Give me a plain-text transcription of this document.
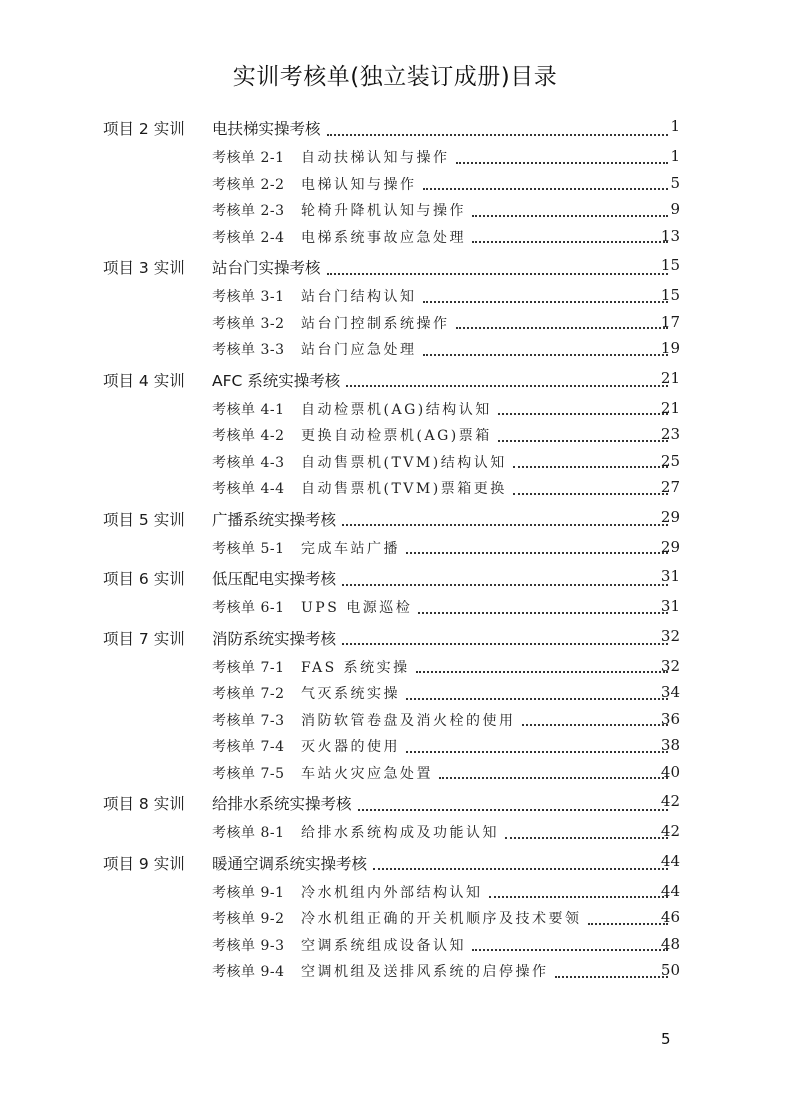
实训考核单(独立装订成册)目录
项目 2 实训	电扶梯实操考核	1
考核单 2-1	自动扶梯认知与操作	1
考核单 2-2	电梯认知与操作	5
考核单 2-3	轮椅升降机认知与操作	9
考核单 2-4	电梯系统事故应急处理	13
项目 3 实训	站台门实操考核	15
考核单 3-1	站台门结构认知	15
考核单 3-2	站台门控制系统操作	17
考核单 3-3	站台门应急处理	19
项目 4 实训	AFC 系统实操考核	21
考核单 4-1	自动检票机(AG)结构认知	21
考核单 4-2	更换自动检票机(AG)票箱	23
考核单 4-3	自动售票机(TVM)结构认知	25
考核单 4-4	自动售票机(TVM)票箱更换	27
项目 5 实训	广播系统实操考核	29
考核单 5-1	完成车站广播	29
项目 6 实训	低压配电实操考核	31
考核单 6-1	UPS 电源巡检	31
项目 7 实训	消防系统实操考核	32
考核单 7-1	FAS 系统实操	32
考核单 7-2	气灭系统实操	34
考核单 7-3	消防软管卷盘及消火栓的使用	36
考核单 7-4	灭火器的使用	38
考核单 7-5	车站火灾应急处置	40
项目 8 实训	给排水系统实操考核	42
考核单 8-1	给排水系统构成及功能认知	42
项目 9 实训	暖通空调系统实操考核	44
考核单 9-1	冷水机组内外部结构认知	44
考核单 9-2	冷水机组正确的开关机顺序及技术要领	46
考核单 9-3	空调系统组成设备认知	48
考核单 9-4	空调机组及送排风系统的启停操作	50
5
